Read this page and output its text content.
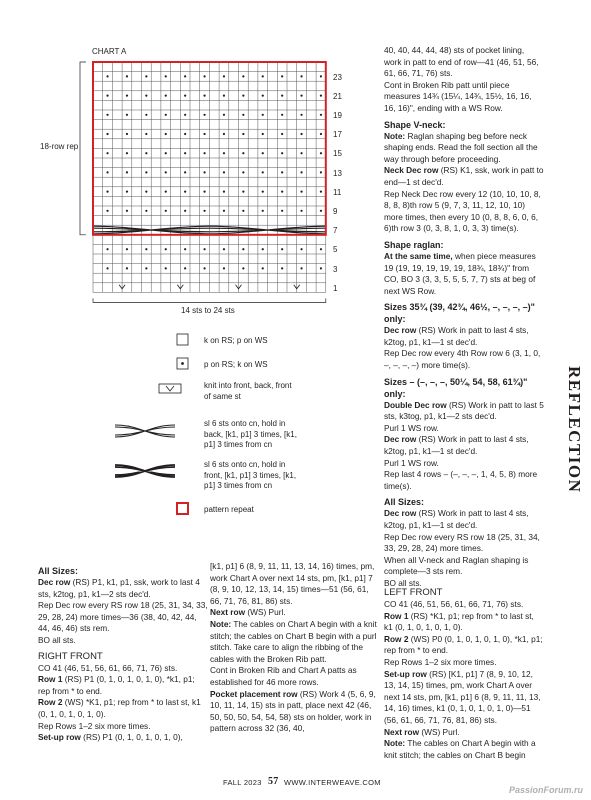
CHART A
18-row rep
14 sts to 24 sts
23
21
19
17
15
13
11
9
7
5
3
1
k on RS; p on WS
p on RS; k on WS
knit into front, back, front of same st
sl 6 sts onto cn, hold in back, [k1, p1] 3 times, [k1, p1] 3 times from cn
sl 6 sts onto cn, hold in front, [k1, p1] 3 times, [k1, p1] 3 times from cn
pattern repeat

All Sizes:

Dec row (RS) P1, k1, p1, ssk, work to last 4 sts, k2tog, p1, k1—2 sts dec'd.

Rep Dec row every RS row 18 (25, 31, 34, 33, 29, 28, 24) more times—36 (38, 40, 42, 44, 44, 46, 46) sts rem.

BO all sts.

RIGHT FRONT

CO 41 (46, 51, 56, 61, 66, 71, 76) sts.

Row 1 (RS) P1 (0, 1, 0, 1, 0, 1, 0), *k1, p1; rep from * to end.

Row 2 (WS) *K1, p1; rep from * to last st, k1 (0, 1, 0, 1, 0, 1, 0).

Rep Rows 1–2 six more times.

Set-up row (RS) P1 (0, 1, 0, 1, 0, 1, 0),

[k1, p1] 6 (8, 9, 11, 11, 13, 14, 16) times, pm, work Chart A over next 14 sts, pm, [k1, p1] 7 (8, 9, 10, 12, 13, 14, 15) times—51 (56, 61, 66, 71, 76, 81, 86) sts.

Next row (WS) Purl.

Note: The cables on Chart A begin with a knit stitch; the cables on Chart B begin with a purl stitch. Take care to align the ribbing of the cables with the Broken Rib patt.

Cont in Broken Rib and Chart A patts as established for 46 more rows.

Pocket placement row (RS) Work 4 (5, 6, 9, 10, 11, 14, 15) sts in patt, place next 42 (46, 50, 50, 50, 54, 54, 58) sts on holder, work in pattern across 32 (36, 40,

40, 40, 44, 44, 48) sts of pocket lining, work in patt to end of row—41 (46, 51, 56, 61, 66, 71, 76) sts.

Cont in Broken Rib patt until piece measures 14¾ (15¼, 14¾, 15½, 16, 16, 16, 16)", ending with a WS Row.

Shape V-neck:

Note: Raglan shaping beg before neck shaping ends. Read the foll section all the way through before proceeding.

Neck Dec row (RS) K1, ssk, work in patt to end—1 st dec'd.

Rep Neck Dec row every 12 (10, 10, 10, 8, 8, 8, 8)th row 5 (9, 7, 3, 11, 12, 10, 10) more times, then every 10 (0, 8, 8, 6, 0, 6, 6)th row 3 (0, 3, 8, 1, 0, 3, 3) time(s).

Shape raglan:

At the same time, when piece measures 19 (19, 19, 19, 19, 19, 18¾, 18¾)" from CO, BO 3 (3, 3, 5, 5, 5, 7, 7) sts at beg of next WS Row.

Sizes 35¾ (39, 42¾, 46½, –, –, –, –)" only:

Dec row (RS) Work in patt to last 4 sts, k2tog, p1, k1—1 st dec'd.

Rep Dec row every 4th Row row 6 (3, 1, 0, –, –, –, –) more time(s).

Sizes – (–, –, –, 50¼, 54, 58, 61¾)" only:

Double Dec row (RS) Work in patt to last 5 sts, k3tog, p1, k1—2 sts dec'd.

Purl 1 WS row.

Dec row (RS) Work in patt to last 4 sts, k2tog, p1, k1—1 st dec'd.

Purl 1 WS row.

Rep last 4 rows – (–, –, –, 1, 4, 5, 8) more time(s).

All Sizes:

Dec row (RS) Work in patt to last 4 sts, k2tog, p1, k1—1 st dec'd.

Rep Dec row every RS row 18 (25, 31, 34, 33, 29, 28, 24) more times.

When all V-neck and Raglan shaping is complete—3 sts rem.

BO all sts.

LEFT FRONT

CO 41 (46, 51, 56, 61, 66, 71, 76) sts.

Row 1 (RS) *K1, p1; rep from * to last st, k1 (0, 1, 0, 1, 0, 1, 0).

Row 2 (WS) P0 (0, 1, 0, 1, 0, 1, 0), *k1, p1; rep from * to end.

Rep Rows 1–2 six more times.

Set-up row (RS) [K1, p1] 7 (8, 9, 10, 12, 13, 14, 15) times, pm, work Chart A over next 14 sts, pm, [k1, p1] 6 (8, 9, 11, 11, 13, 14, 16) times, k1 (0, 1, 0, 1, 0, 1, 0)—51 (56, 61, 66, 71, 76, 81, 86) sts.

Next row (WS) Purl.

Note: The cables on Chart A begin with a knit stitch; the cables on Chart B begin

REFLECTION
FALL 2023 57 WWW.INTERWEAVE.COM
PassionForum.ru
